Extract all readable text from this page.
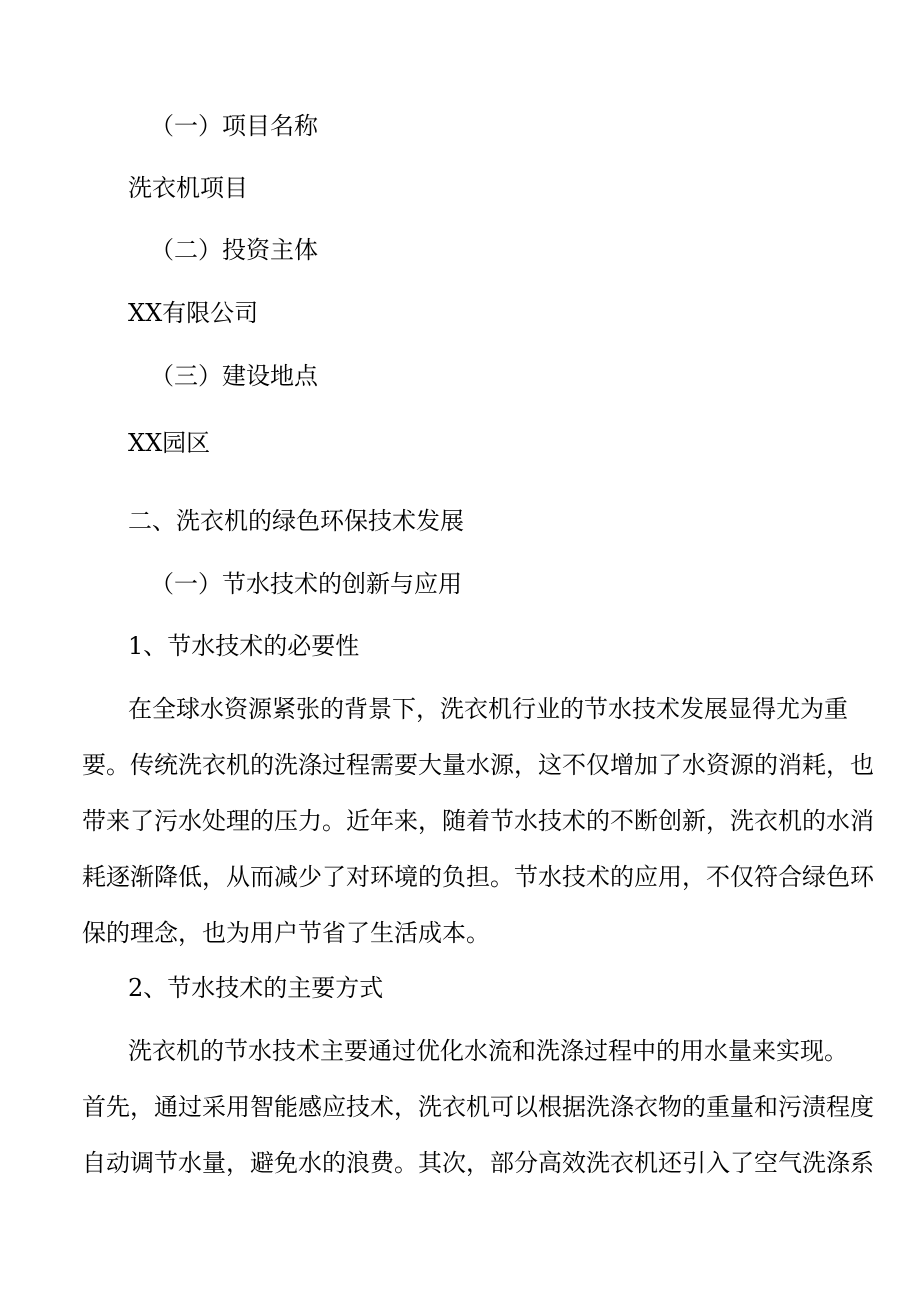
（一）项目名称

洗衣机项目

（二）投资主体

XX有限公司

（三）建设地点

XX园区

二、洗衣机的绿色环保技术发展

（一）节水技术的创新与应用

1、节水技术的必要性

在全球水资源紧张的背景下，洗衣机行业的节水技术发展显得尤为重
要。传统洗衣机的洗涤过程需要大量水源，这不仅增加了水资源的消耗，也
带来了污水处理的压力。近年来，随着节水技术的不断创新，洗衣机的水消
耗逐渐降低，从而减少了对环境的负担。节水技术的应用，不仅符合绿色环
保的理念，也为用户节省了生活成本。

2、节水技术的主要方式

洗衣机的节水技术主要通过优化水流和洗涤过程中的用水量来实现。
首先，通过采用智能感应技术，洗衣机可以根据洗涤衣物的重量和污渍程度
自动调节水量，避免水的浪费。其次，部分高效洗衣机还引入了空气洗涤系
